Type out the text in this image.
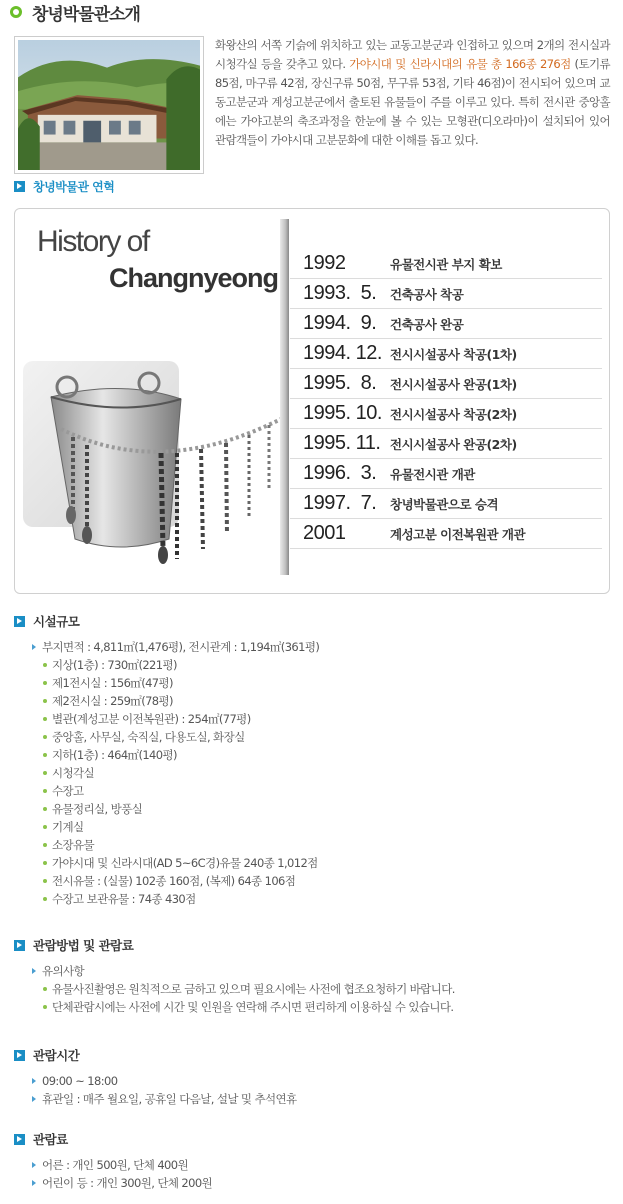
창녕박물관소개
화왕산의 서쪽 기슭에 위치하고 있는 교동고분군과 인접하고 있으며 2개의 전시실과 시청각실 등을 갖추고 있다. 가야시대 및 신라시대의 유물 총 166종 276점 (토기류 85점, 마구류 42점, 장신구류 50점, 무구류 53점, 기타 46점)이 전시되어 있으며 교동고분군과 계성고분군에서 출토된 유물들이 주를 이루고 있다. 특히 전시관 중앙홀에는 가야고분의 축조과정을 한눈에 볼 수 있는 모형관(디오라마)이 설치되어 있어 관람객들이 가야시대 고분문화에 대한 이해를 돕고 있다.
창녕박물관 연혁
History of
Changnyeong	1992	유물전시관 부지 확보
1993.  5.	건축공사 착공
1994.  9.	건축공사 완공
1994. 12. 전시시설공사 착공(1차)
1995.  8.	전시시설공사 완공(1차)
1995. 10. 전시시설공사 착공(2차)
1995. 11. 전시시설공사 완공(2차)
1996.  3.	유물전시관 개관
1997.  7.	창녕박물관으로 승격
2001	계성고분 이전복원관 개관
시설규모
부지면적 : 4,811㎡(1,476평), 전시관계 : 1,194㎡(361평)
지상(1층) : 730㎡(221평)
제1전시실 : 156㎡(47평)
제2전시실 : 259㎡(78평)
별관(계성고분 이전복원관) : 254㎡(77평)
중앙홀, 사무실, 숙직실, 다용도실, 화장실
지하(1층) : 464㎡(140평)
시청각실
수장고
유물정리실, 방풍실
기계실
소장유물
가야시대 및 신라시대(AD 5~6C경)유물 240종 1,012점
전시유물 : (실물) 102종 160점, (복제) 64종 106점
수장고 보관유물 : 74종 430점
관람방법 및 관람료
유의사항
유물사진촬영은 원칙적으로 금하고 있으며 필요시에는 사전에 협조요청하기 바랍니다.
단체관람시에는 사전에 시간 및 인원을 연락해 주시면 편리하게 이용하실 수 있습니다.
관람시간
09:00 ~ 18:00
휴관일 : 매주 월요일, 공휴일 다음날, 설날 및 추석연휴
관람료
어른 : 개인 500원, 단체 400원
어린이 등 : 개인 300원, 단체 200원
